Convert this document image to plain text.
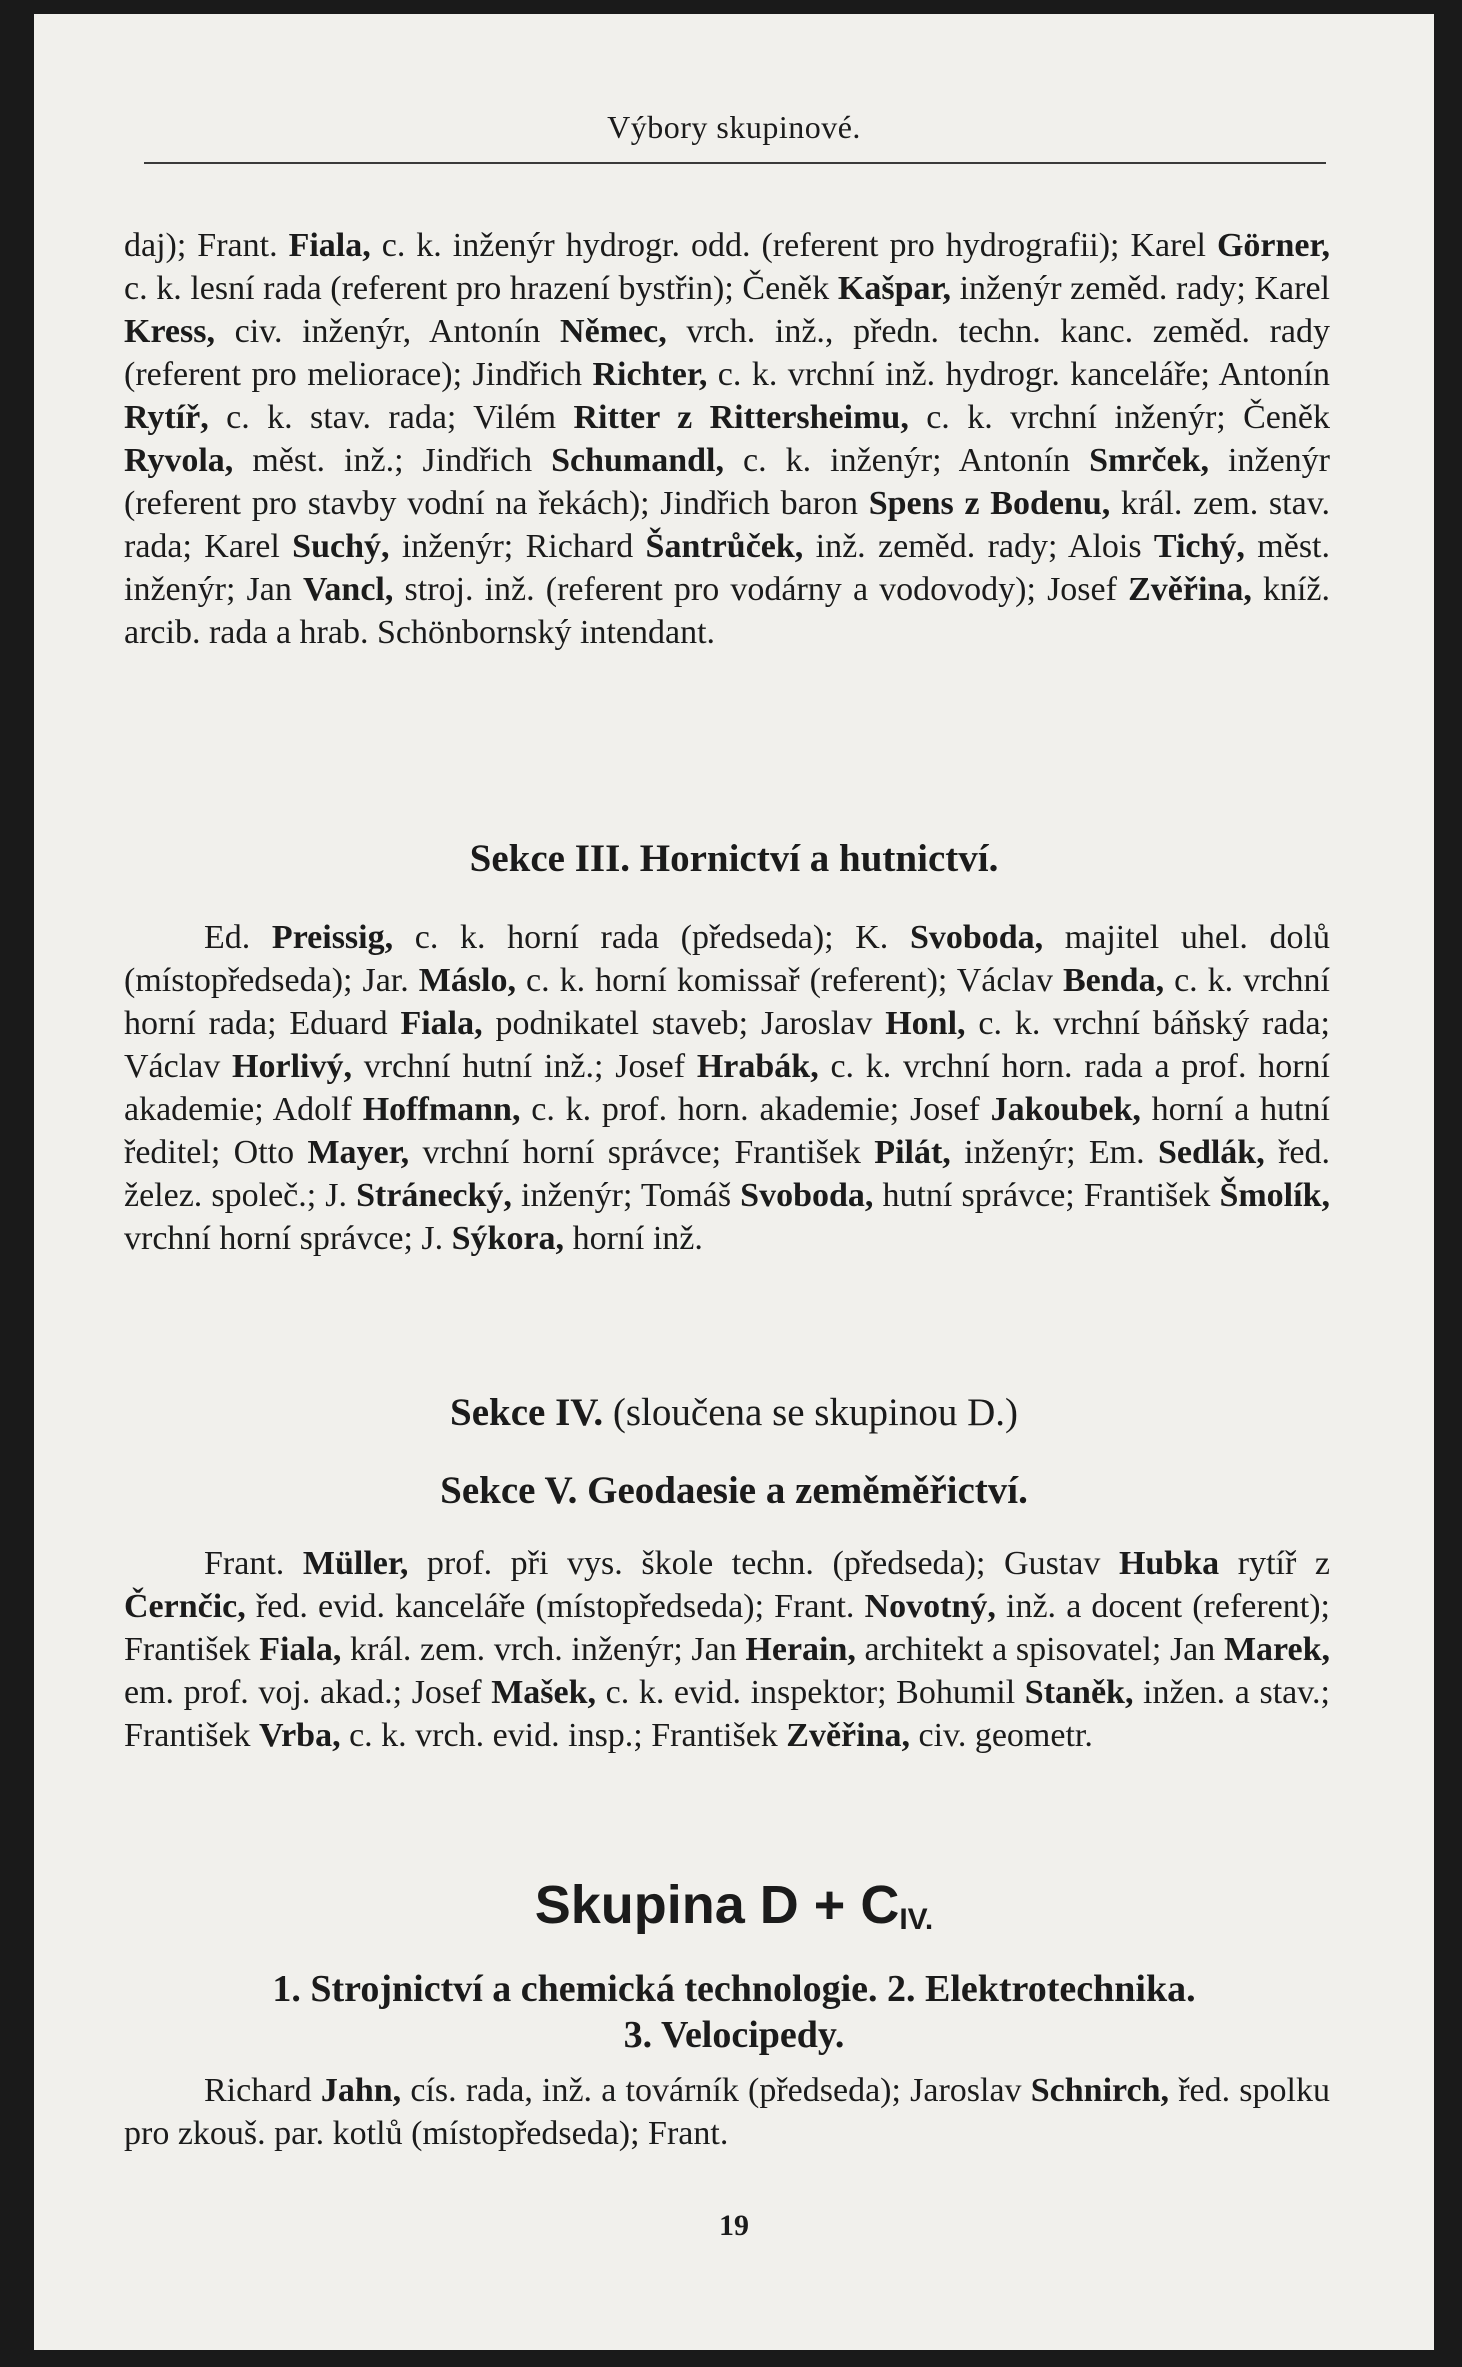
Výbory skupinové.
daj); Frant. Fiala, c. k. inženýr hydrogr. odd. (referent pro hydrografii); Karel Görner, c. k. lesní rada (referent pro hrazení bystřin); Čeněk Kašpar, inženýr zeměd. rady; Karel Kress, civ. inženýr, Antonín Němec, vrch. inž., předn. techn. kanc. zeměd. rady (referent pro meliorace); Jindřich Richter, c. k. vrchní inž. hydrogr. kanceláře; Antonín Rytíř, c. k. stav. rada; Vilém Ritter z Rittersheimu, c. k. vrchní inženýr; Čeněk Ryvola, měst. inž.; Jindřich Schumandl, c. k. inženýr; Antonín Smrček, inženýr (referent pro stavby vodní na řekách); Jindřich baron Spens z Bodenu, král. zem. stav. rada; Karel Suchý, inženýr; Richard Šantrůček, inž. zeměd. rady; Alois Tichý, měst. inženýr; Jan Vancl, stroj. inž. (referent pro vodárny a vodovody); Josef Zvěřina, kníž. arcib. rada a hrab. Schönbornský intendant.
Sekce III. Hornictví a hutnictví.
Ed. Preissig, c. k. horní rada (předseda); K. Svoboda, majitel uhel. dolů (místopředseda); Jar. Máslo, c. k. horní komissař (referent); Václav Benda, c. k. vrchní horní rada; Eduard Fiala, podnikatel staveb; Jaroslav Honl, c. k. vrchní báňský rada; Václav Horlivý, vrchní hutní inž.; Josef Hrabák, c. k. vrchní horn. rada a prof. horní akademie; Adolf Hoffmann, c. k. prof. horn. akademie; Josef Jakoubek, horní a hutní ředitel; Otto Mayer, vrchní horní správce; František Pilát, inženýr; Em. Sedlák, řed. želez. společ.; J. Stránecký, inženýr; Tomáš Svoboda, hutní správce; František Šmolík, vrchní horní správce; J. Sýkora, horní inž.
Sekce IV. (sloučena se skupinou D.)
Sekce V. Geodaesie a zeměměřictví.
Frant. Müller, prof. při vys. škole techn. (předseda); Gustav Hubka rytíř z Černčic, řed. evid. kanceláře (místopředseda); Frant. Novotný, inž. a docent (referent); František Fiala, král. zem. vrch. inženýr; Jan Herain, architekt a spisovatel; Jan Marek, em. prof. voj. akad.; Josef Mašek, c. k. evid. inspektor; Bohumil Staněk, inžen. a stav.; František Vrba, c. k. vrch. evid. insp.; František Zvěřina, civ. geometr.
Skupina $D + C_{IV.}$
1. Strojnictví a chemická technologie. 2. Elektrotechnika.
3. Velocipedy.
Richard Jahn, cís. rada, inž. a továrník (předseda); Jaroslav Schnirch, řed. spolku pro zkouš. par. kotlů (místopředseda); Frant.
19
